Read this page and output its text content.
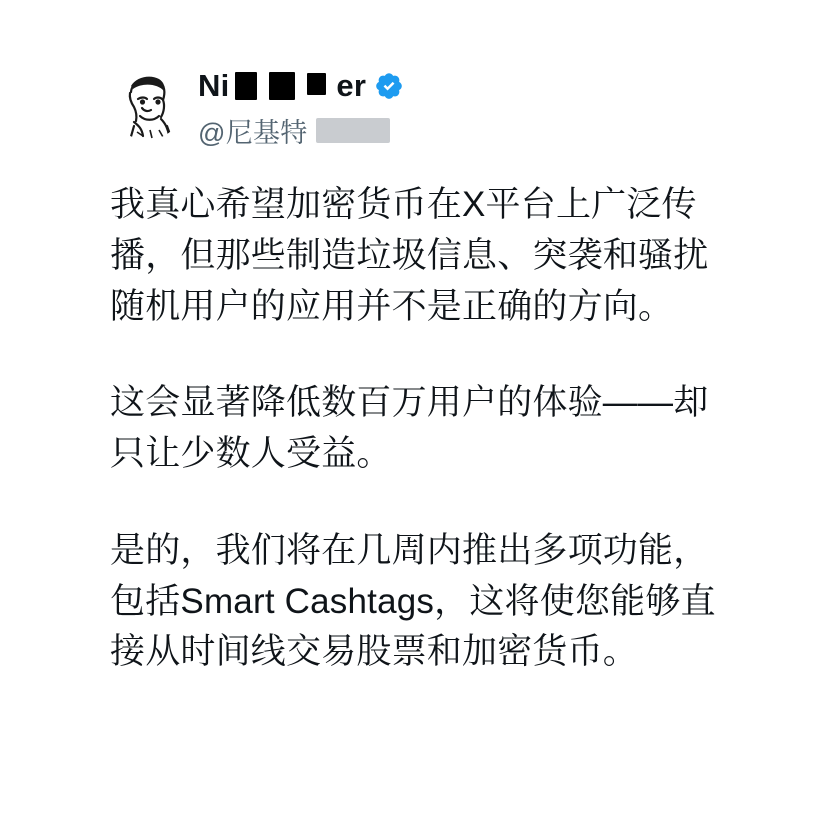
Ni	er
@尼基特

我真心希望加密货币在X平台上广泛传播，但那些制造垃圾信息、突袭和骚扰随机用户的应用并不是正确的方向。

这会显著降低数百万用户的体验——却只让少数人受益。

是的，我们将在几周内推出多项功能，包括Smart Cashtags，这将使您能够直接从时间线交易股票和加密货币。
